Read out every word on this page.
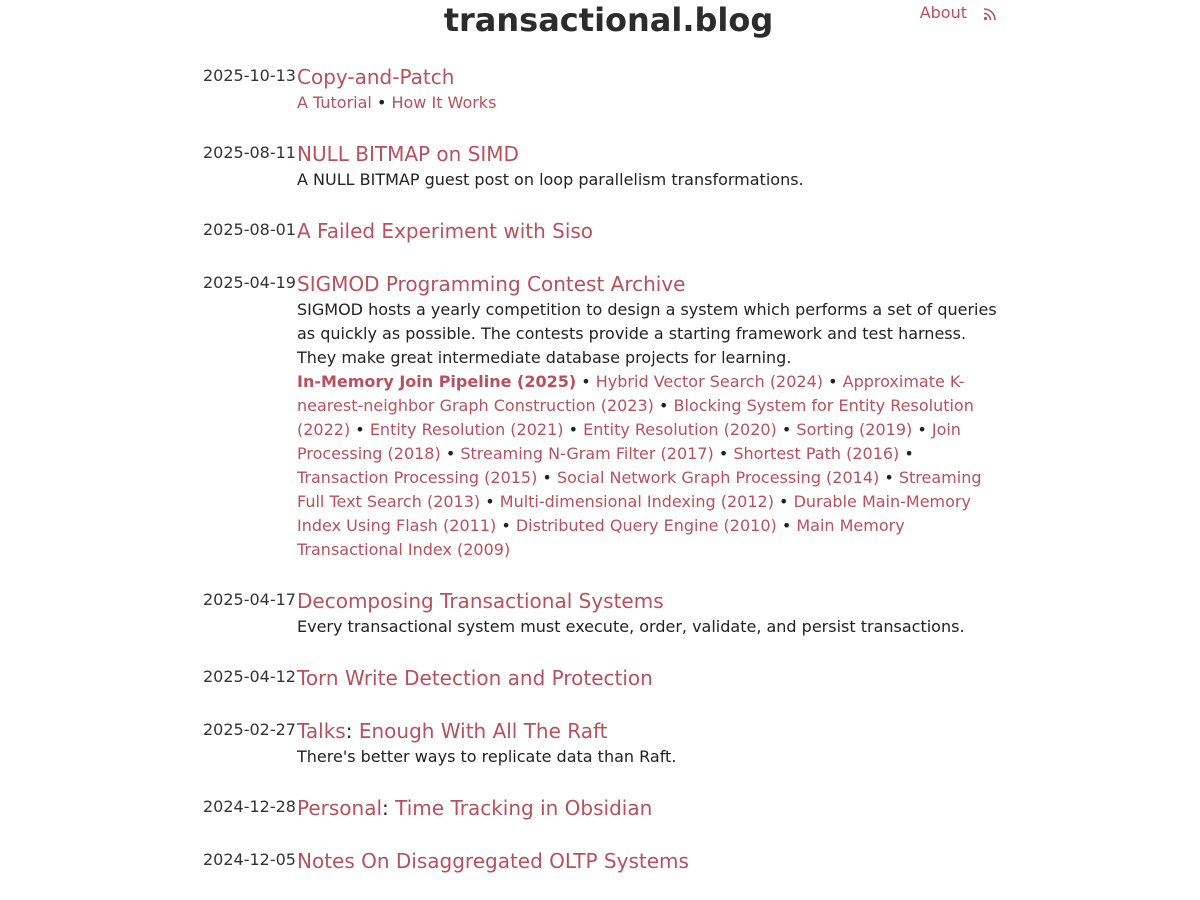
transactional.blog	About
2025-10-13 Copy-and-Patch
A Tutorial • How It Works
2025-08-11 NULL BITMAP on SIMD
A NULL BITMAP guest post on loop parallelism transformations.
2025-08-01 A Failed Experiment with Siso
2025-04-19 SIGMOD Programming Contest Archive
SIGMOD hosts a yearly competition to design a system which performs a set of queries as quickly as possible. The contests provide a starting framework and test harness. They make great intermediate database projects for learning.
In-Memory Join Pipeline (2025) • Hybrid Vector Search (2024) • Approximate K-nearest-neighbor Graph Construction (2023) • Blocking System for Entity Resolution (2022) • Entity Resolution (2021) • Entity Resolution (2020) • Sorting (2019) • Join Processing (2018) • Streaming N-Gram Filter (2017) • Shortest Path (2016) • Transaction Processing (2015) • Social Network Graph Processing (2014) • Streaming Full Text Search (2013) • Multi-dimensional Indexing (2012) • Durable Main-Memory Index Using Flash (2011) • Distributed Query Engine (2010) • Main Memory Transactional Index (2009)
2025-04-17 Decomposing Transactional Systems
Every transactional system must execute, order, validate, and persist transactions.
2025-04-12 Torn Write Detection and Protection
2025-02-27 Talks: Enough With All The Raft
There's better ways to replicate data than Raft.
2024-12-28 Personal: Time Tracking in Obsidian
2024-12-05 Notes On Disaggregated OLTP Systems
